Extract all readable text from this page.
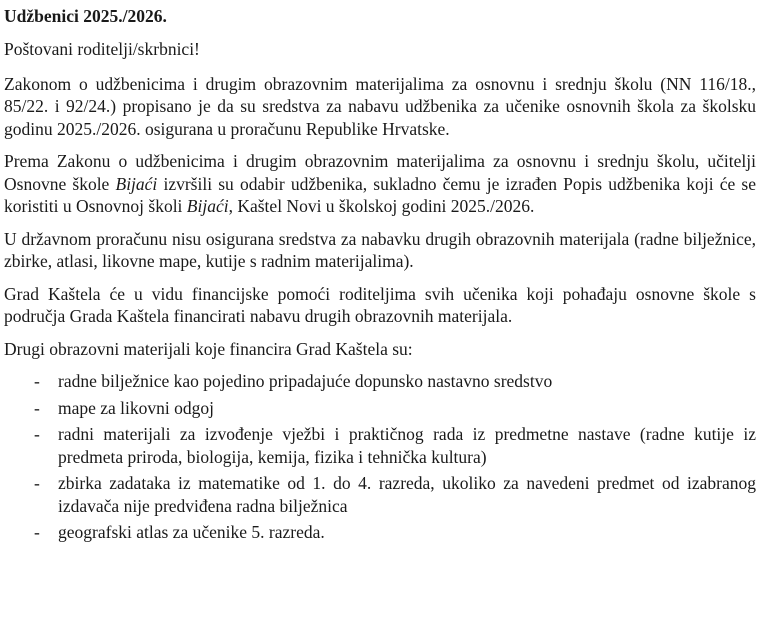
Udžbenici 2025./2026.
Poštovani roditelji/skrbnici!
Zakonom o udžbenicima i drugim obrazovnim materijalima za osnovnu i srednju školu (NN 116/18., 85/22. i 92/24.) propisano je da su sredstva za nabavu udžbenika za učenike osnovnih škola za školsku godinu 2025./2026. osigurana u proračunu Republike Hrvatske.
Prema Zakonu o udžbenicima i drugim obrazovnim materijalima za osnovnu i srednju školu, učitelji Osnovne škole Bijaći izvršili su odabir udžbenika, sukladno čemu je izrađen Popis udžbenika koji će se koristiti u Osnovnoj školi Bijaći, Kaštel Novi u školskoj godini 2025./2026.
U državnom proračunu nisu osigurana sredstva za nabavku drugih obrazovnih materijala (radne bilježnice, zbirke, atlasi, likovne mape, kutije s radnim materijalima).
Grad Kaštela će u vidu financijske pomoći roditeljima svih učenika koji pohađaju osnovne škole s područja Grada Kaštela financirati nabavu drugih obrazovnih materijala.
Drugi obrazovni materijali koje financira Grad Kaštela su:
- radne bilježnice kao pojedino pripadajuće dopunsko nastavno sredstvo
- mape za likovni odgoj
- radni materijali za izvođenje vježbi i praktičnog rada iz predmetne nastave (radne kutije iz predmeta priroda, biologija, kemija, fizika i tehnička kultura)
- zbirka zadataka iz matematike od 1. do 4. razreda, ukoliko za navedeni predmet od izabranog izdavača nije predviđena radna bilježnica
- geografski atlas za učenike 5. razreda.
